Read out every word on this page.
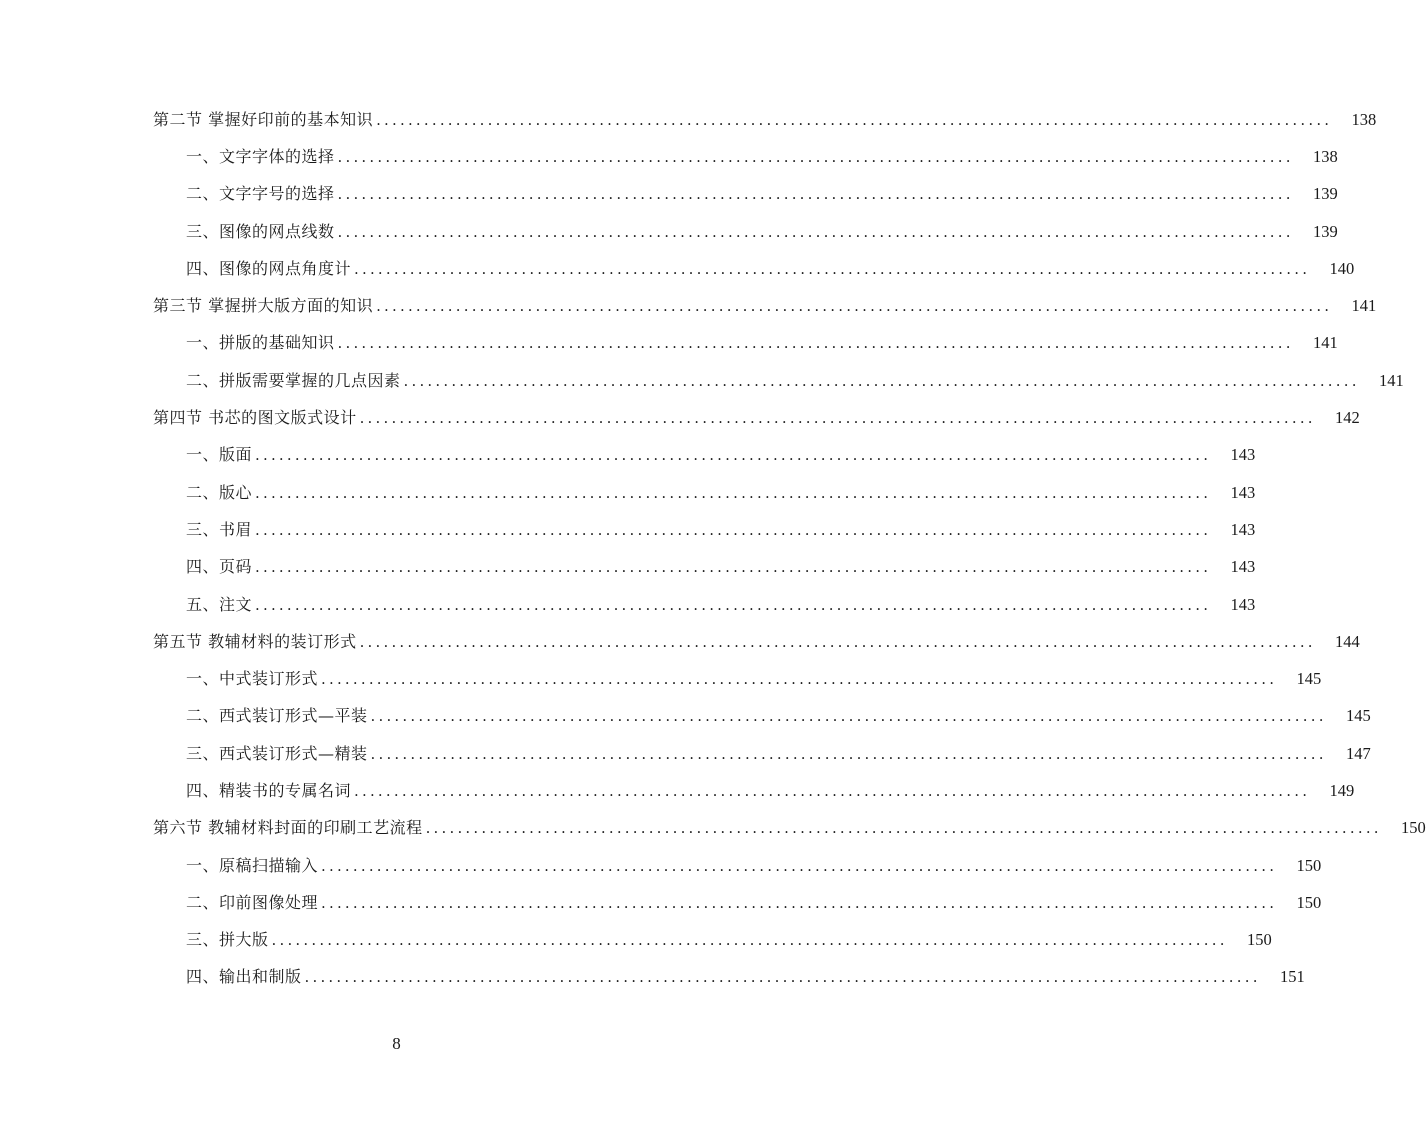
第二节 掌握好印前的基本知识 ........................................................................................................................	138
一、文字字体的选择 ........................................................................................................................	138
二、文字字号的选择 ........................................................................................................................	139
三、图像的网点线数 ........................................................................................................................	139
四、图像的网点角度计 ........................................................................................................................	140
第三节 掌握拼大版方面的知识 ........................................................................................................................	141
一、拼版的基础知识 ........................................................................................................................	141
二、拼版需要掌握的几点因素 ........................................................................................................................	141
第四节 书芯的图文版式设计 ........................................................................................................................	142
一、版面 ........................................................................................................................	143
二、版心 ........................................................................................................................	143
三、书眉 ........................................................................................................................	143
四、页码 ........................................................................................................................	143
五、注文 ........................................................................................................................	143
第五节 教辅材料的装订形式 ........................................................................................................................	144
一、中式装订形式 ........................................................................................................................	145
二、西式装订形式—平装 ........................................................................................................................	145
三、西式装订形式—精装 ........................................................................................................................	147
四、精装书的专属名词 ........................................................................................................................	149
第六节 教辅材料封面的印刷工艺流程 ........................................................................................................................	150
一、原稿扫描输入 ........................................................................................................................	150
二、印前图像处理 ........................................................................................................................	150
三、拼大版 ........................................................................................................................	150
四、输出和制版 ........................................................................................................................	151
8
